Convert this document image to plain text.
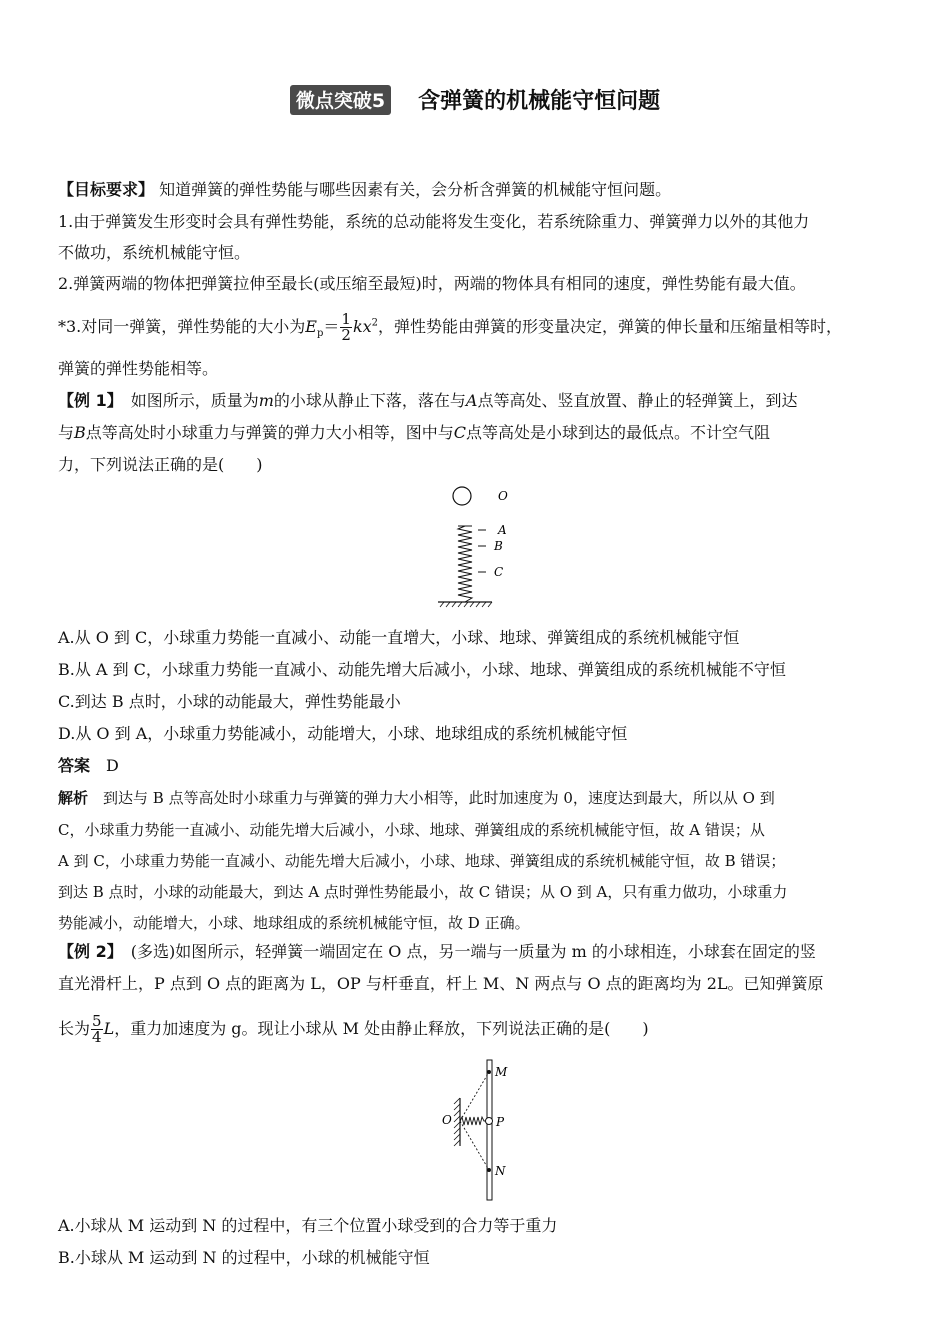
微点突破5 含弹簧的机械能守恒问题
【目标要求】 知道弹簧的弹性势能与哪些因素有关，会分析含弹簧的机械能守恒问题。
1.由于弹簧发生形变时会具有弹性势能，系统的总动能将发生变化，若系统除重力、弹簧弹力以外的其他力
不做功，系统机械能守恒。
2.弹簧两端的物体把弹簧拉伸至最长(或压缩至最短)时，两端的物体具有相同的速度，弹性势能有最大值。
*3.对同一弹簧，弹性势能的大小为$E_p= \frac{1}{2} kx^2$，弹性势能由弹簧的形变量决定，弹簧的伸长量和压缩量相等时，
弹簧的弹性势能相等。
【例 1】　如图所示，质量为m的小球从静止下落，落在与A点等高处、竖直放置、静止的轻弹簧上，到达
与B点等高处时小球重力与弹簧的弹力大小相等，图中与C点等高处是小球到达的最低点。不计空气阻
力，下列说法正确的是(　　)
O
A
B
C
A.从 O 到 C，小球重力势能一直减小、动能一直增大，小球、地球、弹簧组成的系统机械能守恒
B.从 A 到 C，小球重力势能一直减小、动能先增大后减小，小球、地球、弹簧组成的系统机械能不守恒
C.到达 B 点时，小球的动能最大，弹性势能最小
D.从 O 到 A，小球重力势能减小，动能增大，小球、地球组成的系统机械能守恒
答案　 D
解析　 到达与 B 点等高处时小球重力与弹簧的弹力大小相等，此时加速度为 0，速度达到最大，所以从 O 到
C，小球重力势能一直减小、动能先增大后减小，小球、地球、弹簧组成的系统机械能守恒，故 A 错误；从
A 到 C，小球重力势能一直减小、动能先增大后减小，小球、地球、弹簧组成的系统机械能守恒，故 B 错误；
到达 B 点时，小球的动能最大，到达 A 点时弹性势能最小，故 C 错误；从 O 到 A，只有重力做功，小球重力
势能减小，动能增大，小球、地球组成的系统机械能守恒，故 D 正确。
【例 2】　(多选)如图所示，轻弹簧一端固定在 O 点，另一端与一质量为 m 的小球相连，小球套在固定的竖
直光滑杆上，P 点到 O 点的距离为 L，OP 与杆垂直，杆上 M、N 两点与 O 点的距离均为 2L。已知弹簧原
长为 $\frac{5}{4}$ L，重力加速度为 g。现让小球从 M 处由静止释放，下列说法正确的是(　　)
M
O	P
N
A.小球从 M 运动到 N 的过程中，有三个位置小球受到的合力等于重力
B.小球从 M 运动到 N 的过程中，小球的机械能守恒
